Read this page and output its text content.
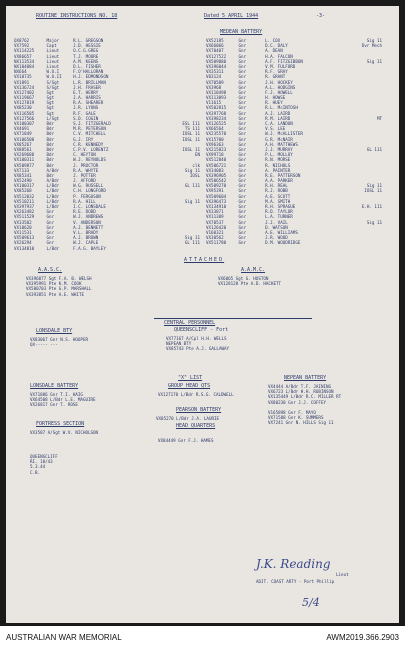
ROUTINE INSTRUCTIONS NO. 18	Dated 5 APRIL 1944	-3-
MEDEAN BATTERY
QX8762	Major	R.L. GREGSON
VX7592	Capt	J.D. HESSIE
VX114225	Lieut	O.C.G.GREG
VX86657	Lieut	T.J. MOORE
NX113534	Lieut	A.M. KEENS
NX104084	Lieut	D.L. FISHER
NX664	W.O.I	F.O'HALLORAN
VX10735	W.O.II	H.J. EDMONDSON
VX1891	S/Sgt	L.R. BRILLMAN
VX136724	S/Sgt	J.H. FRASER
VX127402	Sgt	E.T. HERRY
VX119667	Sgt	J.A. HARRIS
VX127019	Sgt	R.A. SHEARER
VX85230	Sgt	J.R. LYONS
VX116585	Sgt	R.F. GALE
VX127566	L/Sgt	S.D. COGIN
VX100307	Bdr	S.J. FITZGERALD	ESL 111
VX4691	Bdr	M.R. PETERSON	TS 111
VX71849	Bdr	C.V. MITCHELL	IOSL 11
VX106508	Bdr	G.J. IRY	IOSL 11
VX85267	Bdr	C.R. KENNEDY
VX88561	Bdr	C.P.V. LORENTZ	IOSL 11
VX269688	Bdr	C. HEYTON	EN
VX100311	Bdr	W.J. REYNOLDS
VX509877	Bdr	J. PROCTOR	clk
VX7133	A/Bdr	R.A. WHYTE	Sig 11
VX85341	Bdr	J. POTTER	IOSL
VX52490	A/Bdr	J. AFFORD
VX100317	L/Bdr	W.G. RUSSELL	GL 111
VX85268	L/Bdr	C.H. LONGFORD
VX512032	L/Bdr	P. FERGUSON
VX510211	L/Bdr	R.A. HILL	Sig 11
VX397937	L/Bdr	I.C. LONSDALE
VX263482	Gnr	R.E. DODD
VX511529	Gnr	W.J. ANDREWS
VX33502	Gnr	V. ANDERSON
VX10620	Gnr	A.J. BENNETT
VX11531	Gnr	V.L. BRADY
VX509613	Gnr	A.J. BROWN	Sig 11
VX26294	Gnr	W.J. CAPLE	GL 111
VX134810	L/Bdr	F.A.G. BAYLEY
VX52185	Gnr	L. COX	Sig 11
VX66066	Gnr	D.C. DALY	Dvr Mech
VX70407	Gnr	A. DEAN
VX127522	Gnr	H.A. FALCON
VX509880	Gnr	A.F. FITZGIBBON	Sig 11
VX396044	Gnr	V.M. FULFORD
VX35311	Gnr	R.F. GRAY
V83124	Gnr	R. GRANT
VX70509	Gnr	J.H. HOCKEY
VX3968	Gnr	A.L. HODGINS
VX110498	Gnr	F.J. HOWELL
VX113093	Gnr	H. HOWSE
V11615	Gnr	R. HUEY
VX502815	Gnr	R.L. McINTOSH
VX397768	Gnr	A.J. LAIRD
VX398234	Gnr	R.M. LAIRD	MT
VX126525	Gnr	C.A. LANDON
VX66564	Gnr	V.S. LEE
VX235570	Gnr	W.J. McALLISTER
VX15700	Gnr	G.R. McNAIR
VX96363	Gnr	A.H. MATTHEWS
VX215823	Gnr	J.J. MURRAY	GL 111
VX99718	Gnr	P.L. MOLLOY
VX512840	Gnr	R.N. MORSE
VX506721	Gnr	R. NICHOLS
VX34083	Gnr	A. PAINTER
VX396905	Gnr	R.E. PATTERSON
VX506542	Gnr	A.A. PARKER
VX509270	Gnr	R.H. REAL	Sig 11
VX95391	Gnr	R.J. ROBB	IOSL 11
VX509604	Gnr	A.E. SCOTT
VX396473	Gnr	M.A. SMITH
VX134910	Gnr	R.H. SPRAGUE	E.H. 111
VX33871	Gnr	R.D. TAYLOR
VX11389	Gnr	L.A. TURNER
VX70537	Gnr	J.J. VAIL	Sig 11
VX126420	Gnr	D. WATSON
V160321	Gnr	A.E. WILLIAMS
VX30562	Gnr	J.R. WOOD
VX511780	Gnr	D.M. WOODRIDGE
ATTACHED
A.A.S.C.	A.A.M.C.
VX396077 Sgt F.A. B. WELSH
VX395991 Pte K.M. COOK
VX500703 Pte G.P. MARSHALL
VX393851 Pte A.E. WHITE
VX6065 Sgt G. HOSTON
VX128128 Pte A.D. HACKETT
LONSDALE BTY
VX83067 Gnr N.S. HOOPER
QX----- ---
CENTRAL PERSONNEL
QUEENSCLIFF - Fort
VX77167 A/Cpl H.H. WELLS
NEPEAN BTY
VX85743 Pte A.J. GALLAWAY
"X" LIST
GROUP HEAD QTS
VX127170 L/Bdr R.S.G. CALDWELL
PEARSON BATTERY
VX85270 L/Bdr J.A. LAURIE
HEAD QUARTERS
VX84449 Gnr F.J. HAMES
LONSDALE BATTERY
VX71886 Gnr T.I. HAIG
VX64508 L/Bdr L.E. MAGUIRE
VX26817 Gnr T. ROSE
FORTRESS SECTION
VX3587 A/Sgt W.V. NICHOLSON
NEPEAN BATTERY
VX4444 A/Bdr T.F. JAINING
VX6723 L/Bdr H.H. ROBINSON
VX135449 L/Bdr R.C. MILLER RT
VX80238 Gnr J.J. COFFEY
V165898 Gnr F. MAYO
VX71588 Gnr K. SUMMERS
VX7241 Gnr N. HILLS Sig 11
QUEENSCLIFF
RI. 18/43
5.3.44
C.B.
J.K. Reading
Lieut
ADJT. COAST ARTY - Port Phillip
5/4
AUSTRALIAN WAR MEMORIAL	AWM2019.366.2903
